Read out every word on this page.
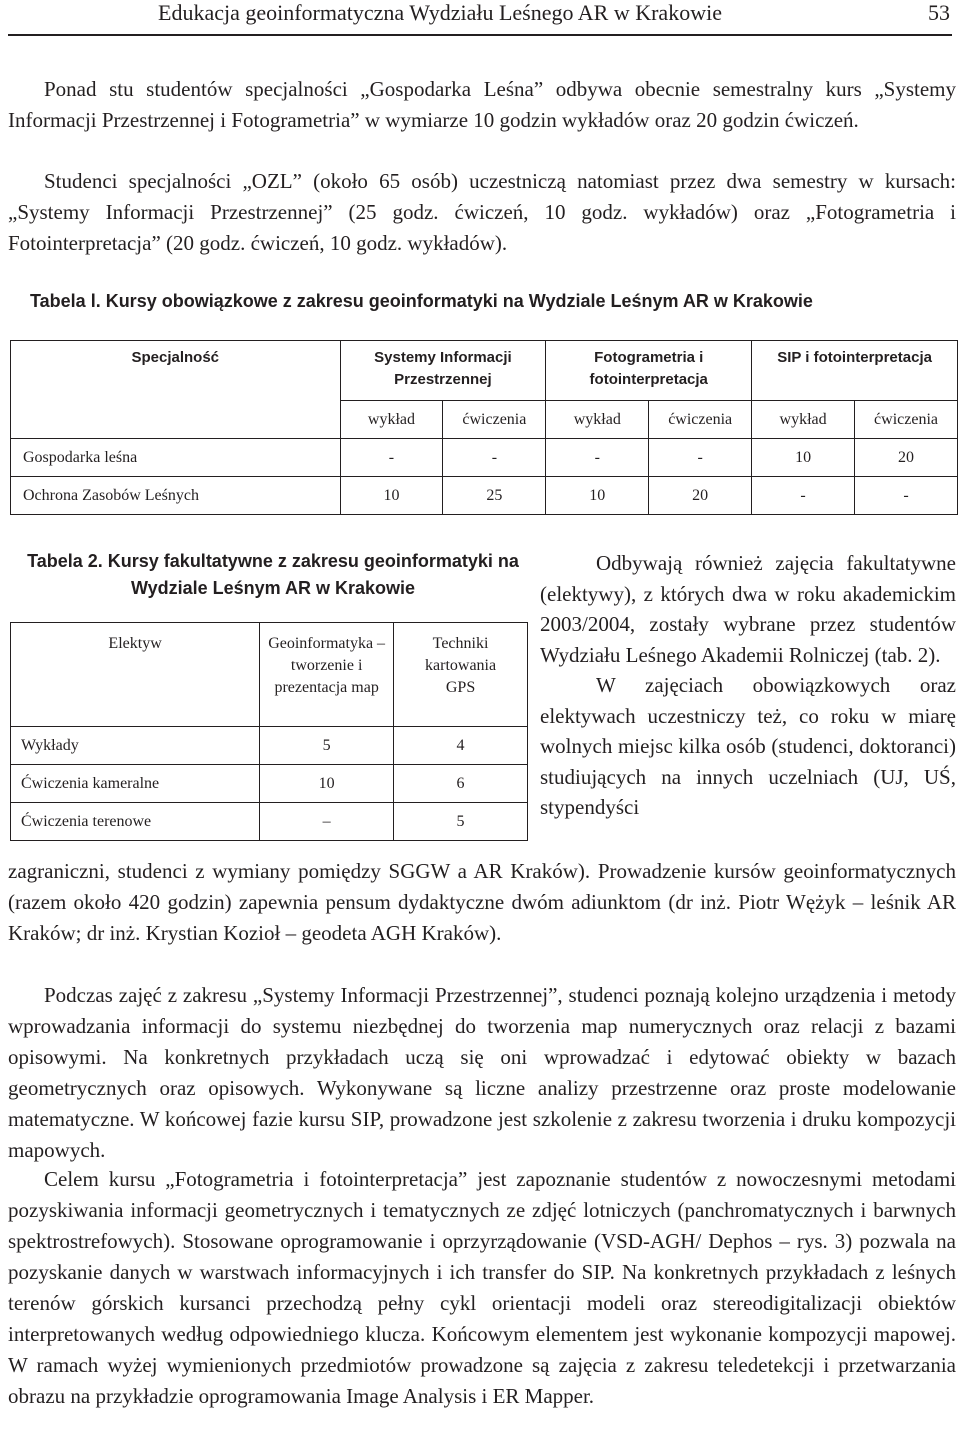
Edukacja geoinformatyczna Wydziału Leśnego AR w Krakowie	53

Ponad stu studentów specjalności „Gospodarka Leśna” odbywa obecnie semestralny kurs „Systemy Informacji Przestrzennej i Fotogrametria” w wymiarze 10 godzin wykładów oraz 20 godzin ćwiczeń.

Studenci specjalności „OZL” (około 65 osób) uczestniczą natomiast przez dwa semestry w kursach: „Systemy Informacji Przestrzennej” (25 godz. ćwiczeń, 10 godz. wykładów) oraz „Fotogrametria i Fotointerpretacja” (20 godz. ćwiczeń, 10 godz. wykładów).

Tabela l. Kursy obowiązkowe z zakresu geoinformatyki na Wydziale Leśnym AR w Krakowie
Specjalność	Systemy Informacji Przestrzennej		Fotogrametria i fotointerpretacja		SIP i fotointerpretacja	
	wykład	ćwiczenia	wykład	ćwiczenia	wykład	ćwiczenia
Gospodarka leśna	-	-	-	-	10	20
Ochrona Zasobów Leśnych	10	25	10	20	-	-
Tabela 2. Kursy fakultatywne z zakresu geoinformatyki na Wydziale Leśnym AR w Krakowie
Elektyw	Geoinformatyka – tworzenie i prezentacja map	Techniki kartowania GPS
Wykłady	5	4
Ćwiczenia kameralne	10	6
Ćwiczenia terenowe	–	5

Odbywają również zajęcia fakultatywne (elektywy), z których dwa w roku akademickim 2003/2004, zostały wybrane przez studentów Wydziału Leśnego Akademii Rolniczej (tab. 2).

W zajęciach obowiązkowych oraz elektywach uczestniczy też, co roku w miarę wolnych miejsc kilka osób (studenci, doktoranci) studiujących na innych uczelniach (UJ, UŚ, stypendyści

zagraniczni, studenci z wymiany pomiędzy SGGW a AR Kraków). Prowadzenie kursów geoinformatycznych (razem około 420 godzin) zapewnia pensum dydaktyczne dwóm adiunktom (dr inż. Piotr Wężyk – leśnik AR Kraków; dr inż. Krystian Kozioł – geodeta AGH Kraków).

Podczas zajęć z zakresu „Systemy Informacji Przestrzennej”, studenci poznają kolejno urządzenia i metody wprowadzania informacji do systemu niezbędnej do tworzenia map numerycznych oraz relacji z bazami opisowymi. Na konkretnych przykładach uczą się oni wprowadzać i edytować obiekty w bazach geometrycznych oraz opisowych. Wykonywane są liczne analizy przestrzenne oraz proste modelowanie matematyczne. W końcowej fazie kursu SIP, prowadzone jest szkolenie z zakresu tworzenia i druku kompozycji mapowych.

Celem kursu „Fotogrametria i fotointerpretacja” jest zapoznanie studentów z nowoczesnymi metodami pozyskiwania informacji geometrycznych i tematycznych ze zdjęć lotniczych (panchromatycznych i barwnych spektrostrefowych). Stosowane oprogramowanie i oprzyrządowanie (VSD-AGH/ Dephos – rys. 3) pozwala na pozyskanie danych w warstwach informacyjnych i ich transfer do SIP. Na konkretnych przykładach z leśnych terenów górskich kursanci przechodzą pełny cykl orientacji modeli oraz stereodigitalizacji obiektów interpretowanych według odpowiedniego klucza. Końcowym elementem jest wykonanie kompozycji mapowej. W ramach wyżej wymienionych przedmiotów prowadzone są zajęcia z zakresu teledetekcji i przetwarzania obrazu na przykładzie oprogramowania Image Analysis i ER Mapper.
